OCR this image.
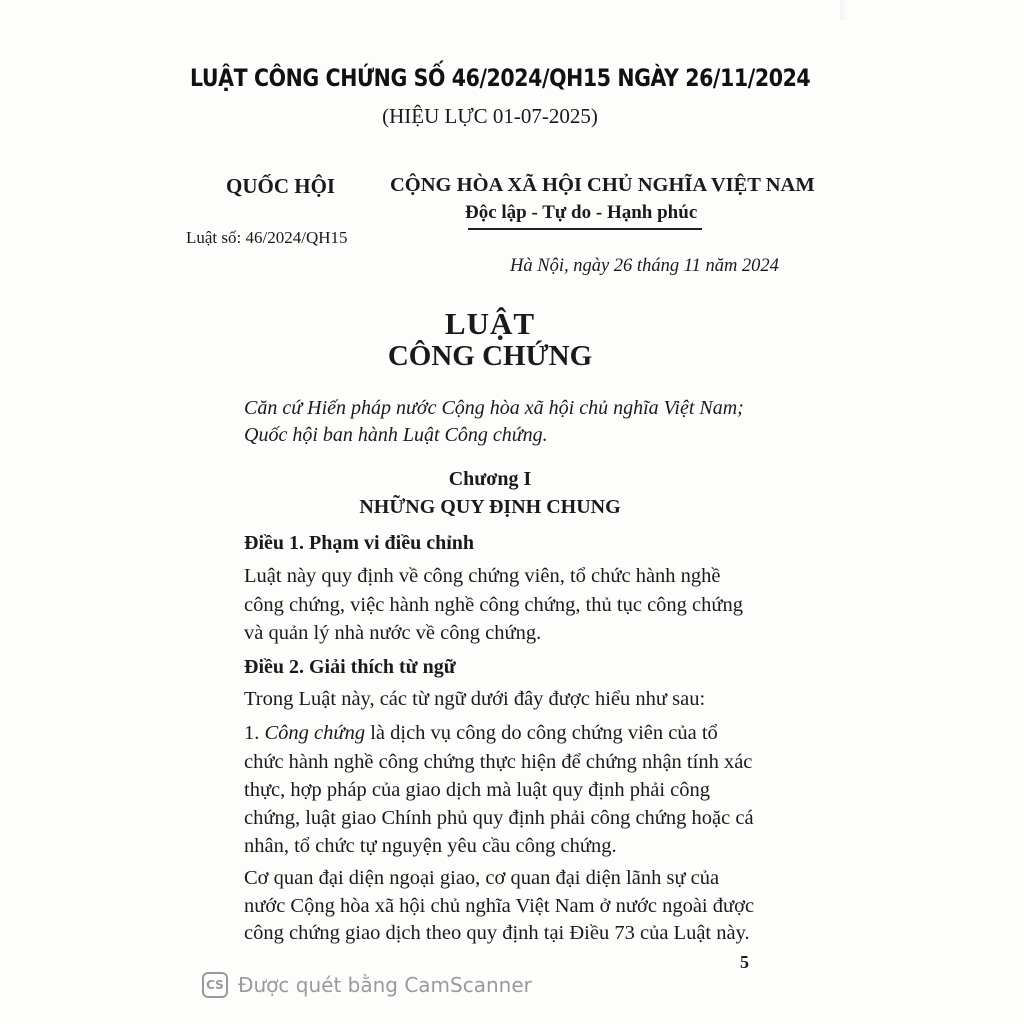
LUẬT CÔNG CHỨNG SỐ 46/2024/QH15 NGÀY 26/11/2024
(HIỆU LỰC 01-07-2025)
QUỐC HỘI	CỘNG HÒA XÃ HỘI CHỦ NGHĨA VIỆT NAM
Độc lập - Tự do - Hạnh phúc
Luật số: 46/2024/QH15
Hà Nội, ngày 26 tháng 11 năm 2024
LUẬT
CÔNG CHỨNG
Căn cứ Hiến pháp nước Cộng hòa xã hội chủ nghĩa Việt Nam;
Quốc hội ban hành Luật Công chứng.
Chương I
NHỮNG QUY ĐỊNH CHUNG
Điều 1. Phạm vi điều chỉnh
Luật này quy định về công chứng viên, tổ chức hành nghề
công chứng, việc hành nghề công chứng, thủ tục công chứng
và quản lý nhà nước về công chứng.
Điều 2. Giải thích từ ngữ
Trong Luật này, các từ ngữ dưới đây được hiểu như sau:
1. Công chứng là dịch vụ công do công chứng viên của tổ
chức hành nghề công chứng thực hiện để chứng nhận tính xác
thực, hợp pháp của giao dịch mà luật quy định phải công
chứng, luật giao Chính phủ quy định phải công chứng hoặc cá
nhân, tổ chức tự nguyện yêu cầu công chứng.
Cơ quan đại diện ngoại giao, cơ quan đại diện lãnh sự của
nước Cộng hòa xã hội chủ nghĩa Việt Nam ở nước ngoài được
công chứng giao dịch theo quy định tại Điều 73 của Luật này.
5
CS Được quét bằng CamScanner
